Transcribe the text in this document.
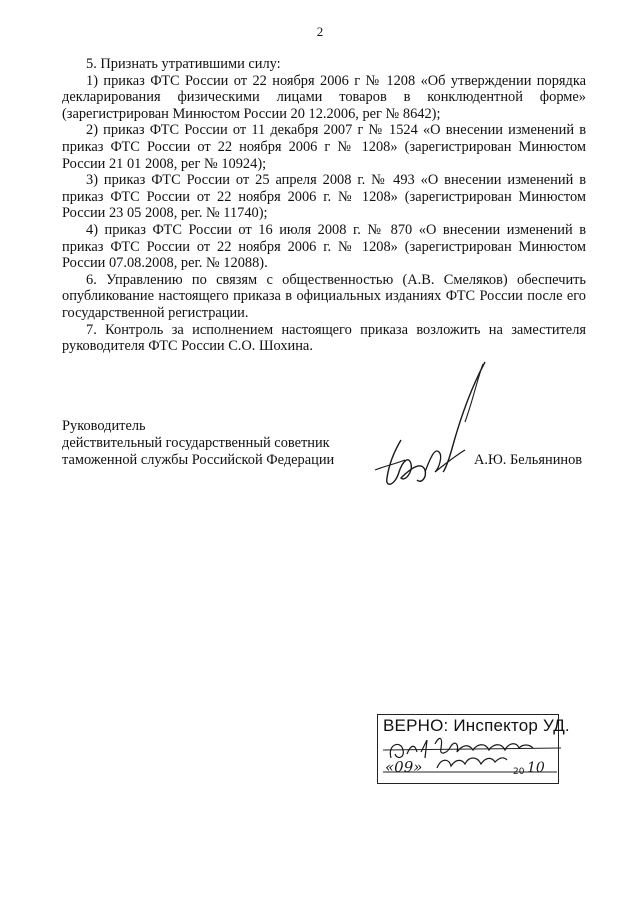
2

5. Признать утратившими силу:

1) приказ ФТС России от 22 ноября 2006 г № 1208 «Об утверждении порядка декларирования физическими лицами товаров в конклюдентной форме» (зарегистрирован Минюстом России 20 12.2006, рег № 8642);

2) приказ ФТС России от 11 декабря 2007 г № 1524 «О внесении изменений в приказ ФТС России от 22 ноября 2006 г № 1208» (зарегистрирован Минюстом России 21 01 2008, рег № 10924);

3) приказ ФТС России от 25 апреля 2008 г. № 493 «О внесении изменений в приказ ФТС России от 22 ноября 2006 г. № 1208» (зарегистрирован Минюстом России 23 05 2008, рег. № 11740);

4) приказ ФТС России от 16 июля 2008 г. № 870 «О внесении изменений в приказ ФТС России от 22 ноября 2006 г. № 1208» (зарегистрирован Минюстом России 07.08.2008, рег. № 12088).

6. Управлению по связям с общественностью (А.В. Смеляков) обеспечить опубликование настоящего приказа в официальных изданиях ФТС России после его государственной регистрации.

7. Контроль за исполнением настоящего приказа возложить на заместителя руководителя ФТС России С.О. Шохина.

Руководитель
действительный государственный советник
таможенной службы Российской Федерации	А.Ю. Бельянинов
ВЕРНО: Инспектор УД.
«09»	20 10
